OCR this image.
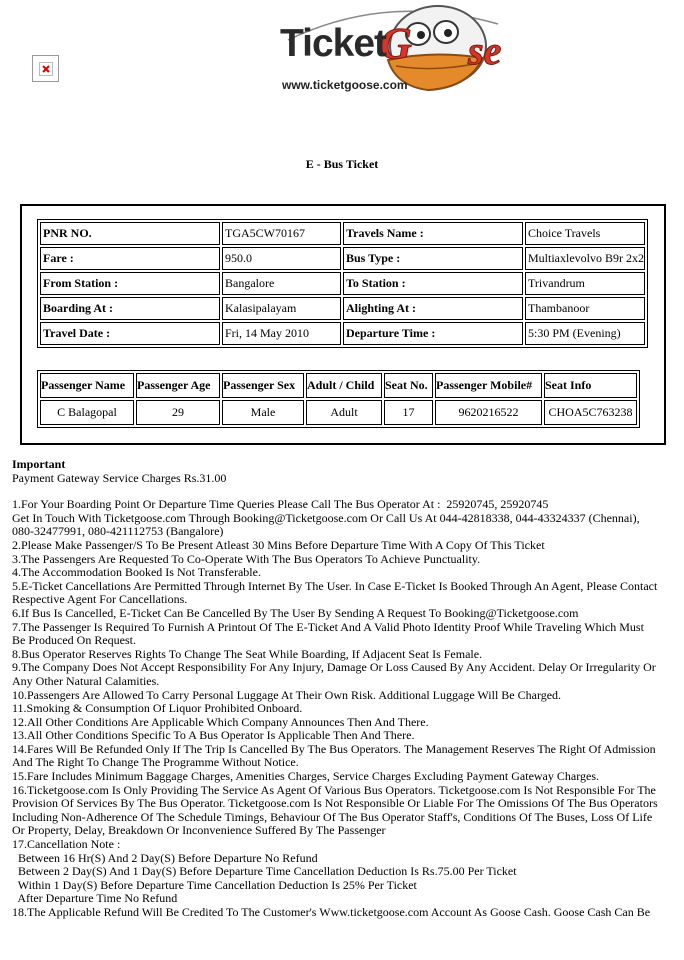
G se
Ticket
www.ticketgoose.com
E - Bus Ticket
PNR NO.	TGA5CW70167	Travels Name :	Choice Travels
Fare :	950.0	Bus Type :	Multiaxlevolvo B9r 2x2
From Station :	Bangalore	To Station :	Trivandrum
Boarding At :	Kalasipalayam	Alighting At :	Thambanoor
Travel Date :	Fri, 14 May 2010	Departure Time :	5:30 PM (Evening)
Passenger Name	Passenger Age	Passenger Sex	Adult / Child	Seat No.	Passenger Mobile#	Seat Info
C Balagopal	29	Male	Adult	17	9620216522	CHOA5C763238
Important
Payment Gateway Service Charges Rs.31.00
1.For Your Boarding Point Or Departure Time Queries Please Call The Bus Operator At :  25920745, 25920745
Get In Touch With Ticketgoose.com Through Booking@Ticketgoose.com Or Call Us At 044-42818338, 044-43324337 (Chennai),
080-32477991, 080-421112753 (Bangalore)
2.Please Make Passenger/S To Be Present Atleast 30 Mins Before Departure Time With A Copy Of This Ticket
3.The Passengers Are Requested To Co-Operate With The Bus Operators To Achieve Punctuality.
4.The Accommodation Booked Is Not Transferable.
5.E-Ticket Cancellations Are Permitted Through Internet By The User. In Case E-Ticket Is Booked Through An Agent, Please Contact
Respective Agent For Cancellations.
6.If Bus Is Cancelled, E-Ticket Can Be Cancelled By The User By Sending A Request To Booking@Ticketgoose.com
7.The Passenger Is Required To Furnish A Printout Of The E-Ticket And A Valid Photo Identity Proof While Traveling Which Must
Be Produced On Request.
8.Bus Operator Reserves Rights To Change The Seat While Boarding, If Adjacent Seat Is Female.
9.The Company Does Not Accept Responsibility For Any Injury, Damage Or Loss Caused By Any Accident. Delay Or Irregularity Or
Any Other Natural Calamities.
10.Passengers Are Allowed To Carry Personal Luggage At Their Own Risk. Additional Luggage Will Be Charged.
11.Smoking & Consumption Of Liquor Prohibited Onboard.
12.All Other Conditions Are Applicable Which Company Announces Then And There.
13.All Other Conditions Specific To A Bus Operator Is Applicable Then And There.
14.Fares Will Be Refunded Only If The Trip Is Cancelled By The Bus Operators. The Management Reserves The Right Of Admission
And The Right To Change The Programme Without Notice.
15.Fare Includes Minimum Baggage Charges, Amenities Charges, Service Charges Excluding Payment Gateway Charges.
16.Ticketgoose.com Is Only Providing The Service As Agent Of Various Bus Operators. Ticketgoose.com Is Not Responsible For The
Provision Of Services By The Bus Operator. Ticketgoose.com Is Not Responsible Or Liable For The Omissions Of The Bus Operators
Including Non-Adherence Of The Schedule Timings, Behaviour Of The Bus Operator Staff's, Conditions Of The Buses, Loss Of Life
Or Property, Delay, Breakdown Or Inconvenience Suffered By The Passenger
17.Cancellation Note :
Between 16 Hr(S) And 2 Day(S) Before Departure No Refund
Between 2 Day(S) And 1 Day(S) Before Departure Time Cancellation Deduction Is Rs.75.00 Per Ticket
Within 1 Day(S) Before Departure Time Cancellation Deduction Is 25% Per Ticket
After Departure Time No Refund
18.The Applicable Refund Will Be Credited To The Customer's Www.ticketgoose.com Account As Goose Cash. Goose Cash Can Be
